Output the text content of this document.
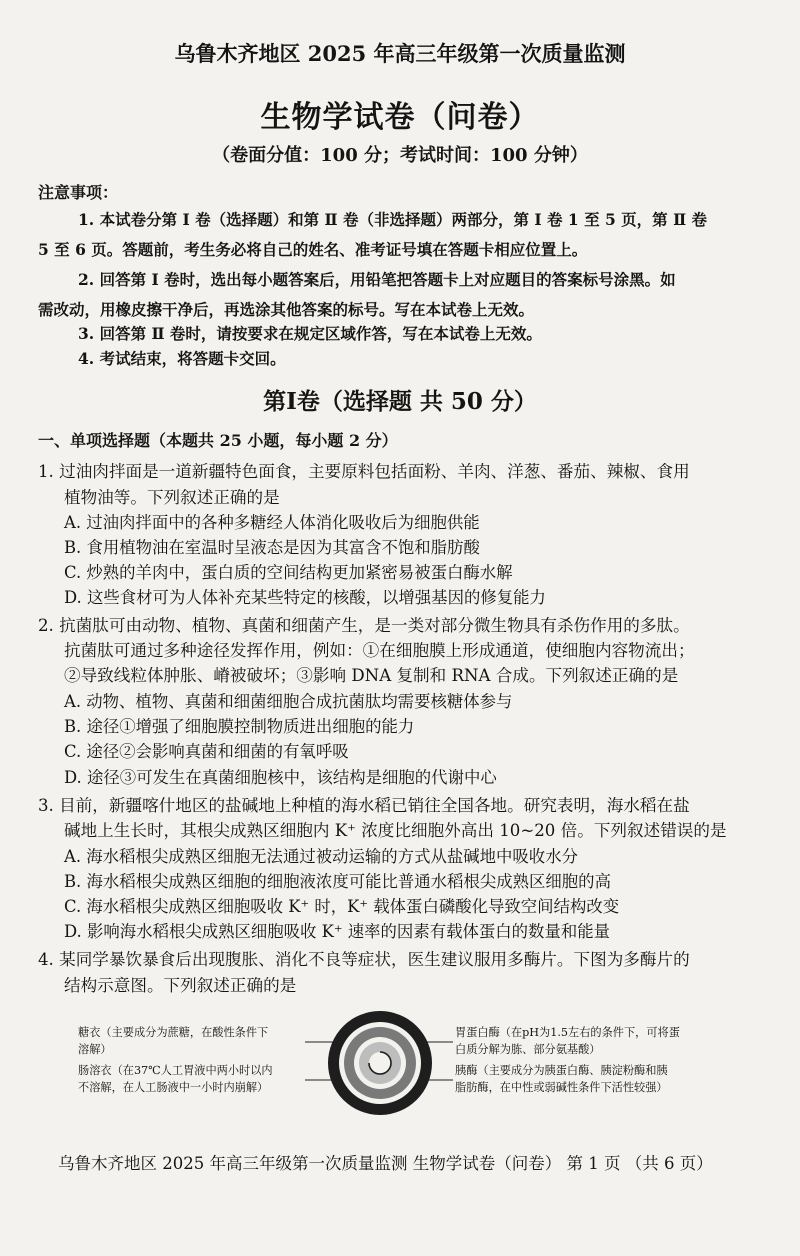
乌鲁木齐地区 2025 年高三年级第一次质量监测
生物学试卷（问卷）
（卷面分值：100 分；考试时间：100 分钟）
注意事项：
1. 本试卷分第 Ⅰ 卷（选择题）和第 Ⅱ 卷（非选择题）两部分，第 Ⅰ 卷 1 至 5 页，第 Ⅱ 卷
5 至 6 页。答题前，考生务必将自己的姓名、准考证号填在答题卡相应位置上。
2. 回答第 Ⅰ 卷时，选出每小题答案后，用铅笔把答题卡上对应题目的答案标号涂黑。如
需改动，用橡皮擦干净后，再选涂其他答案的标号。写在本试卷上无效。
3. 回答第 Ⅱ 卷时，请按要求在规定区域作答，写在本试卷上无效。
4. 考试结束，将答题卡交回。
第Ⅰ卷（选择题 共 50 分）
一、单项选择题（本题共 25 小题，每小题 2 分）
1. 过油肉拌面是一道新疆特色面食，主要原料包括面粉、羊肉、洋葱、番茄、辣椒、食用
植物油等。下列叙述正确的是
A. 过油肉拌面中的各种多糖经人体消化吸收后为细胞供能
B. 食用植物油在室温时呈液态是因为其富含不饱和脂肪酸
C. 炒熟的羊肉中，蛋白质的空间结构更加紧密易被蛋白酶水解
D. 这些食材可为人体补充某些特定的核酸，以增强基因的修复能力
2. 抗菌肽可由动物、植物、真菌和细菌产生，是一类对部分微生物具有杀伤作用的多肽。
抗菌肽可通过多种途径发挥作用，例如：①在细胞膜上形成通道，使细胞内容物流出；
②导致线粒体肿胀、嵴被破坏；③影响 DNA 复制和 RNA 合成。下列叙述正确的是
A. 动物、植物、真菌和细菌细胞合成抗菌肽均需要核糖体参与
B. 途径①增强了细胞膜控制物质进出细胞的能力
C. 途径②会影响真菌和细菌的有氧呼吸
D. 途径③可发生在真菌细胞核中，该结构是细胞的代谢中心
3. 目前，新疆喀什地区的盐碱地上种植的海水稻已销往全国各地。研究表明，海水稻在盐
碱地上生长时，其根尖成熟区细胞内 K⁺ 浓度比细胞外高出 10~20 倍。下列叙述错误的是
A. 海水稻根尖成熟区细胞无法通过被动运输的方式从盐碱地中吸收水分
B. 海水稻根尖成熟区细胞的细胞液浓度可能比普通水稻根尖成熟区细胞的高
C. 海水稻根尖成熟区细胞吸收 K⁺ 时，K⁺ 载体蛋白磷酸化导致空间结构改变
D. 影响海水稻根尖成熟区细胞吸收 K⁺ 速率的因素有载体蛋白的数量和能量
4. 某同学暴饮暴食后出现腹胀、消化不良等症状，医生建议服用多酶片。下图为多酶片的
结构示意图。下列叙述正确的是
糖衣（主要成分为蔗糖，在酸性条件下
溶解）
肠溶衣（在37℃人工胃液中两小时以内
不溶解，在人工肠液中一小时内崩解）
胃蛋白酶（在pH为1.5左右的条件下，可将蛋
白质分解为胨、部分氨基酸）
胰酶（主要成分为胰蛋白酶、胰淀粉酶和胰
脂肪酶，在中性或弱碱性条件下活性较强）
乌鲁木齐地区 2025 年高三年级第一次质量监测 生物学试卷（问卷） 第 1 页 （共 6 页）
